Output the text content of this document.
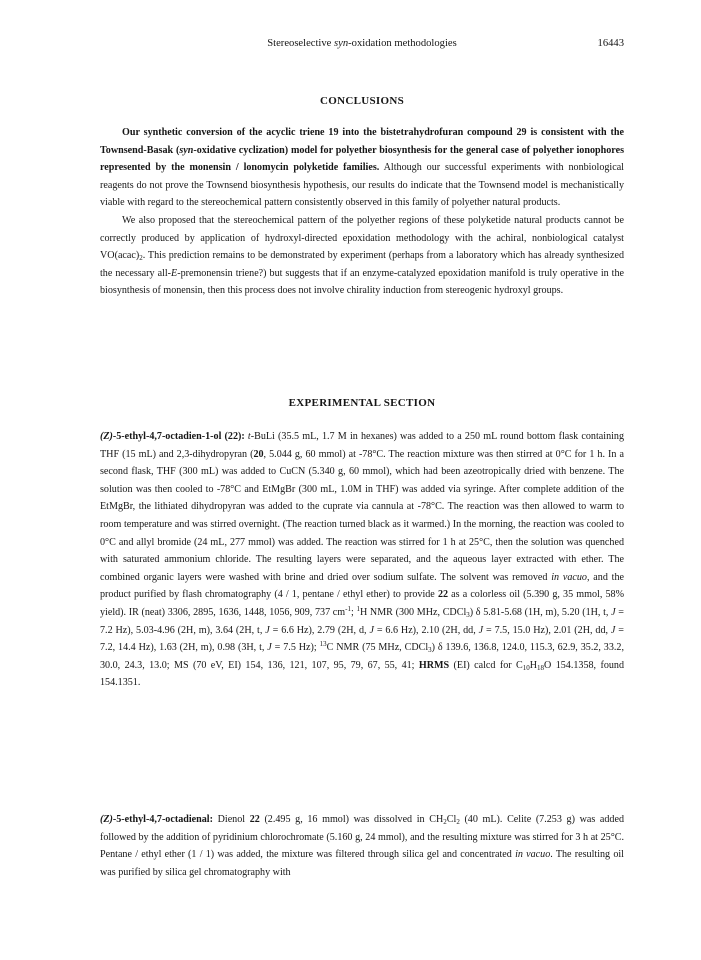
Stereoselective syn-oxidation methodologies	16443
CONCLUSIONS

Our synthetic conversion of the acyclic triene 19 into the bistetrahydrofuran compound 29 is consistent with the Townsend-Basak (syn-oxidative cyclization) model for polyether biosynthesis for the general case of polyether ionophores represented by the monensin / lonomycin polyketide families. Although our successful experiments with nonbiological reagents do not prove the Townsend biosynthesis hypothesis, our results do indicate that the Townsend model is mechanistically viable with regard to the stereochemical pattern consistently observed in this family of polyether natural products.

We also proposed that the stereochemical pattern of the polyether regions of these polyketide natural products cannot be correctly produced by application of hydroxyl-directed epoxidation methodology with the achiral, nonbiological catalyst $VO(acac)_2$. This prediction remains to be demonstrated by experiment (perhaps from a laboratory which has already synthesized the necessary all-E-premonensin triene?) but suggests that if an enzyme-catalyzed epoxidation manifold is truly operative in the biosynthesis of monensin, then this process does not involve chirality induction from stereogenic hydroxyl groups.

EXPERIMENTAL SECTION

(Z)-5-ethyl-4,7-octadien-1-ol (22): t-BuLi (35.5 mL, 1.7 M in hexanes) was added to a 250 mL round bottom flask containing THF (15 mL) and 2,3-dihydropyran (20, 5.044 g, 60 mmol) at -78°C. The reaction mixture was then stirred at 0°C for 1 h. In a second flask, THF (300 mL) was added to CuCN (5.340 g, 60 mmol), which had been azeotropically dried with benzene. The solution was then cooled to -78°C and EtMgBr (300 mL, 1.0M in THF) was added via syringe. After complete addition of the EtMgBr, the lithiated dihydropyran was added to the cuprate via cannula at -78°C. The reaction was then allowed to warm to room temperature and was stirred overnight. (The reaction turned black as it warmed.) In the morning, the reaction was cooled to 0°C and allyl bromide (24 mL, 277 mmol) was added. The reaction was stirred for 1 h at 25°C, then the solution was quenched with saturated ammonium chloride. The resulting layers were separated, and the aqueous layer extracted with ether. The combined organic layers were washed with brine and dried over sodium sulfate. The solvent was removed in vacuo, and the product purified by flash chromatography (4 / 1, pentane / ethyl ether) to provide 22 as a colorless oil (5.390 g, 35 mmol, 58% yield). IR (neat) 3306, 2895, 1636, 1448, 1056, 909, 737 $cm^{-1}$; $^1$H NMR (300 MHz, CDCl$_3$) δ 5.81-5.68 (1H, m), 5.20 (1H, t, J = 7.2 Hz), 5.03-4.96 (2H, m), 3.64 (2H, t, J = 6.6 Hz), 2.79 (2H, d, J = 6.6 Hz), 2.10 (2H, dd, J = 7.5, 15.0 Hz), 2.01 (2H, dd, J = 7.2, 14.4 Hz), 1.63 (2H, m), 0.98 (3H, t, J = 7.5 Hz); $^{13}$C NMR (75 MHz, CDCl$_3$) δ 139.6, 136.8, 124.0, 115.3, 62.9, 35.2, 33.2, 30.0, 24.3, 13.0; MS (70 eV, EI) 154, 136, 121, 107, 95, 79, 67, 55, 41; HRMS (EI) calcd for $C_{10}H_{18}O$ 154.1358, found 154.1351.

(Z)-5-ethyl-4,7-octadienal: Dienol 22 (2.495 g, 16 mmol) was dissolved in $CH_2Cl_2$ (40 mL). Celite (7.253 g) was added followed by the addition of pyridinium chlorochromate (5.160 g, 24 mmol), and the resulting mixture was stirred for 3 h at 25°C. Pentane / ethyl ether (1 / 1) was added, the mixture was filtered through silica gel and concentrated in vacuo. The resulting oil was purified by silica gel chromatography with
